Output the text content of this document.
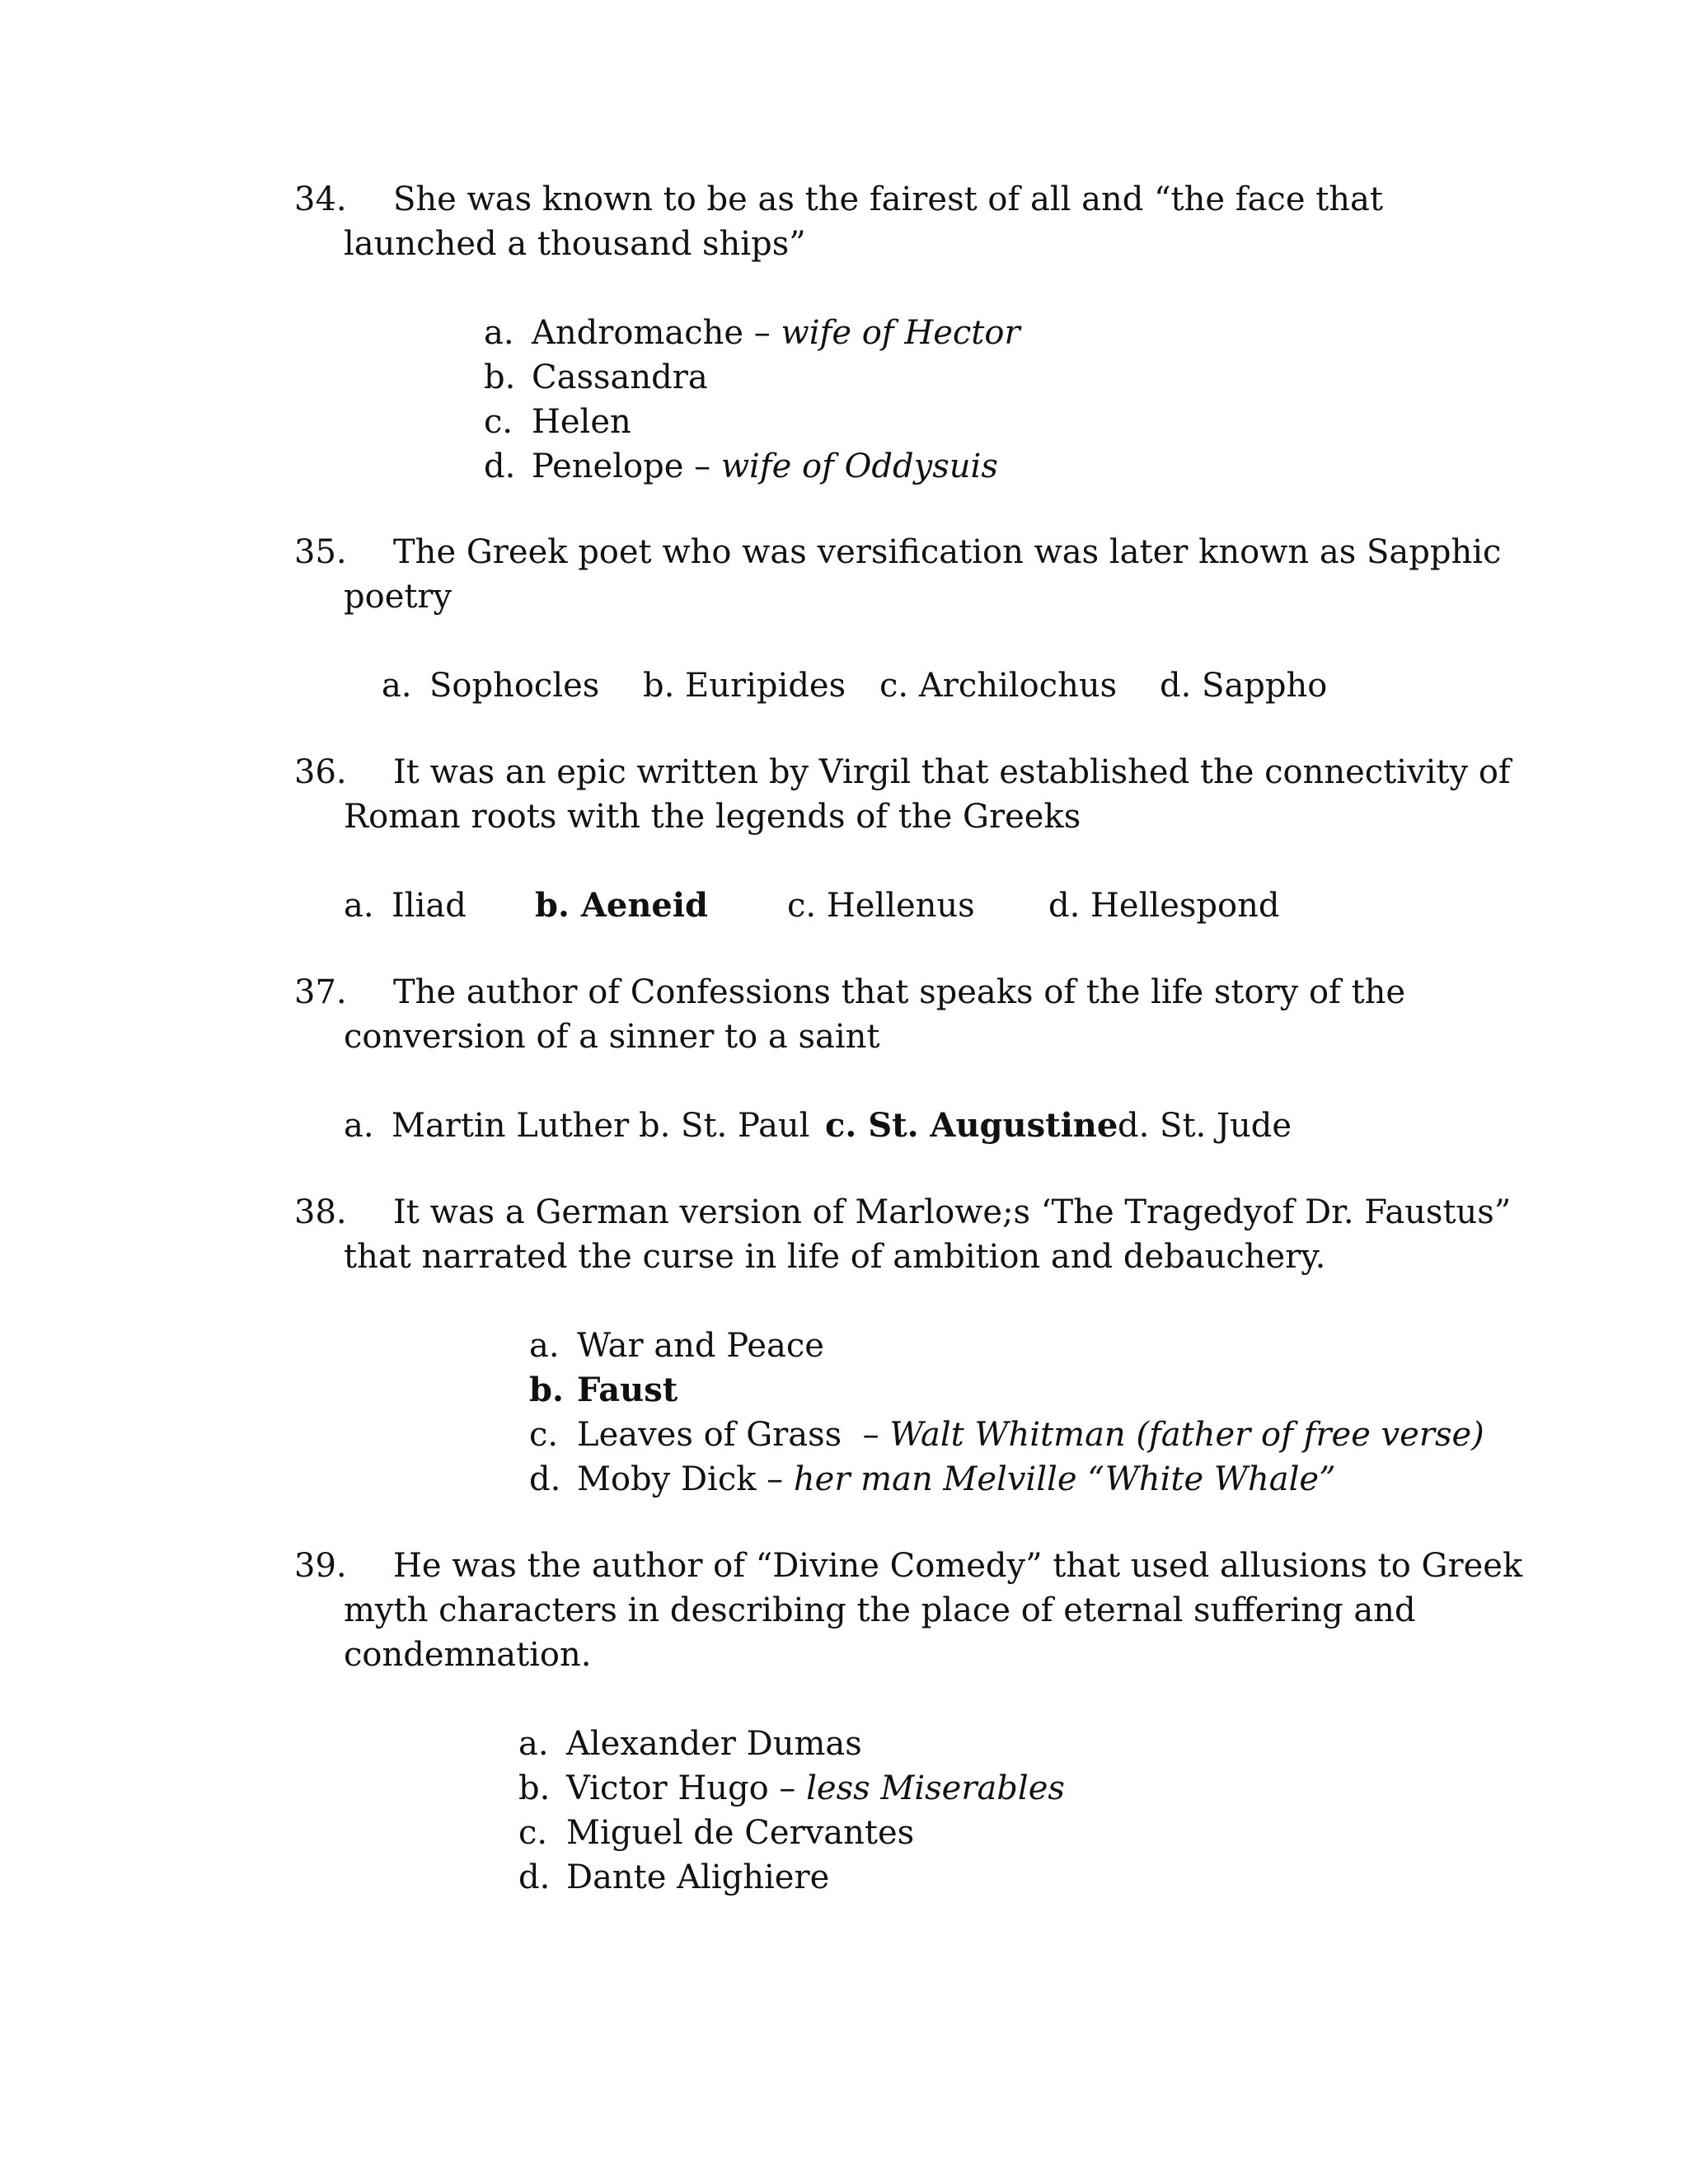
34. She was known to be as the fairest of all and “the face that
launched a thousand ships”
a. Andromache – wife of Hector
b. Cassandra
c. Helen
d. Penelope – wife of Oddysuis
35. The Greek poet who was versification was later known as Sapphic
poetry
a. Sophocles b. Euripides c. Archilochus d. Sappho
36. It was an epic written by Virgil that established the connectivity of
Roman roots with the legends of the Greeks
a. Iliad b. Aeneid c. Hellenus d. Hellespond
37. The author of Confessions that speaks of the life story of the
conversion of a sinner to a saint
a. Martin Luther b. St. Paul c. St. Augustine d. St. Jude
38. It was a German version of Marlowe;s ‘The Tragedyof Dr. Faustus”
that narrated the curse in life of ambition and debauchery.
a. War and Peace
b. Faust
c. Leaves of Grass  – Walt Whitman (father of free verse)
d. Moby Dick – her man Melville “White Whale”
39. He was the author of “Divine Comedy” that used allusions to Greek
myth characters in describing the place of eternal suffering and
condemnation.
a. Alexander Dumas
b. Victor Hugo – less Miserables
c. Miguel de Cervantes
d. Dante Alighiere
